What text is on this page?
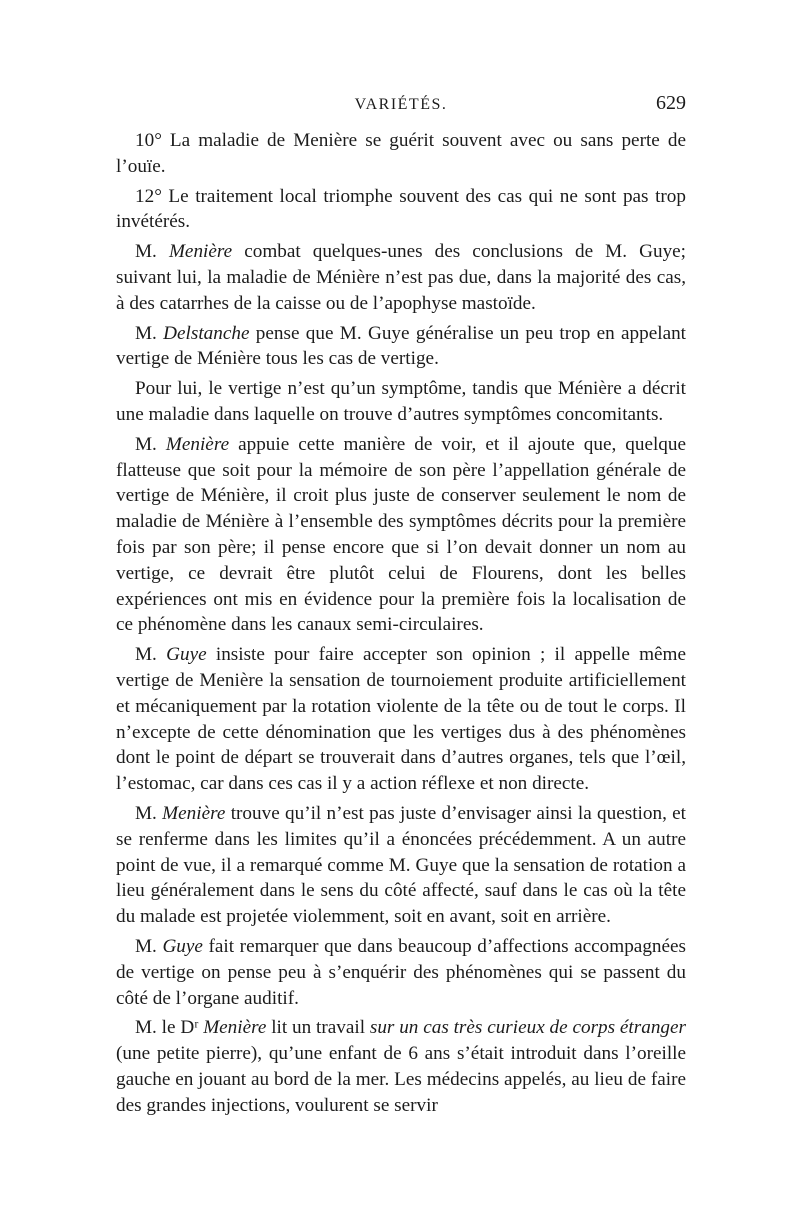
VARIÉTÉS.	629

10° La maladie de Menière se guérit souvent avec ou sans perte de l’ouïe.

12° Le traitement local triomphe souvent des cas qui ne sont pas trop invétérés.

M. Menière combat quelques-unes des conclusions de M. Guye; suivant lui, la maladie de Ménière n’est pas due, dans la majorité des cas, à des catarrhes de la caisse ou de l’apophyse mastoïde.

M. Delstanche pense que M. Guye généralise un peu trop en appelant vertige de Ménière tous les cas de vertige.

Pour lui, le vertige n’est qu’un symptôme, tandis que Ménière a décrit une maladie dans laquelle on trouve d’autres symptômes concomitants.

M. Menière appuie cette manière de voir, et il ajoute que, quelque flatteuse que soit pour la mémoire de son père l’appellation générale de vertige de Ménière, il croit plus juste de conserver seulement le nom de maladie de Ménière à l’ensemble des symptômes décrits pour la première fois par son père; il pense encore que si l’on devait donner un nom au vertige, ce devrait être plutôt celui de Flourens, dont les belles expériences ont mis en évidence pour la première fois la localisation de ce phénomène dans les canaux semi-circulaires.

M. Guye insiste pour faire accepter son opinion ; il appelle même vertige de Menière la sensation de tournoiement produite artificiellement et mécaniquement par la rotation violente de la tête ou de tout le corps. Il n’excepte de cette dénomination que les vertiges dus à des phénomènes dont le point de départ se trouverait dans d’autres organes, tels que l’œil, l’estomac, car dans ces cas il y a action réflexe et non directe.

M. Menière trouve qu’il n’est pas juste d’envisager ainsi la question, et se renferme dans les limites qu’il a énoncées précédemment. A un autre point de vue, il a remarqué comme M. Guye que la sensation de rotation a lieu généralement dans le sens du côté affecté, sauf dans le cas où la tête du malade est projetée violemment, soit en avant, soit en arrière.

M. Guye fait remarquer que dans beaucoup d’affections accompagnées de vertige on pense peu à s’enquérir des phénomènes qui se passent du côté de l’organe auditif.

M. le Dʳ Menière lit un travail sur un cas très curieux de corps étranger (une petite pierre), qu’une enfant de 6 ans s’était introduit dans l’oreille gauche en jouant au bord de la mer. Les médecins appelés, au lieu de faire des grandes injections, voulurent se servir
